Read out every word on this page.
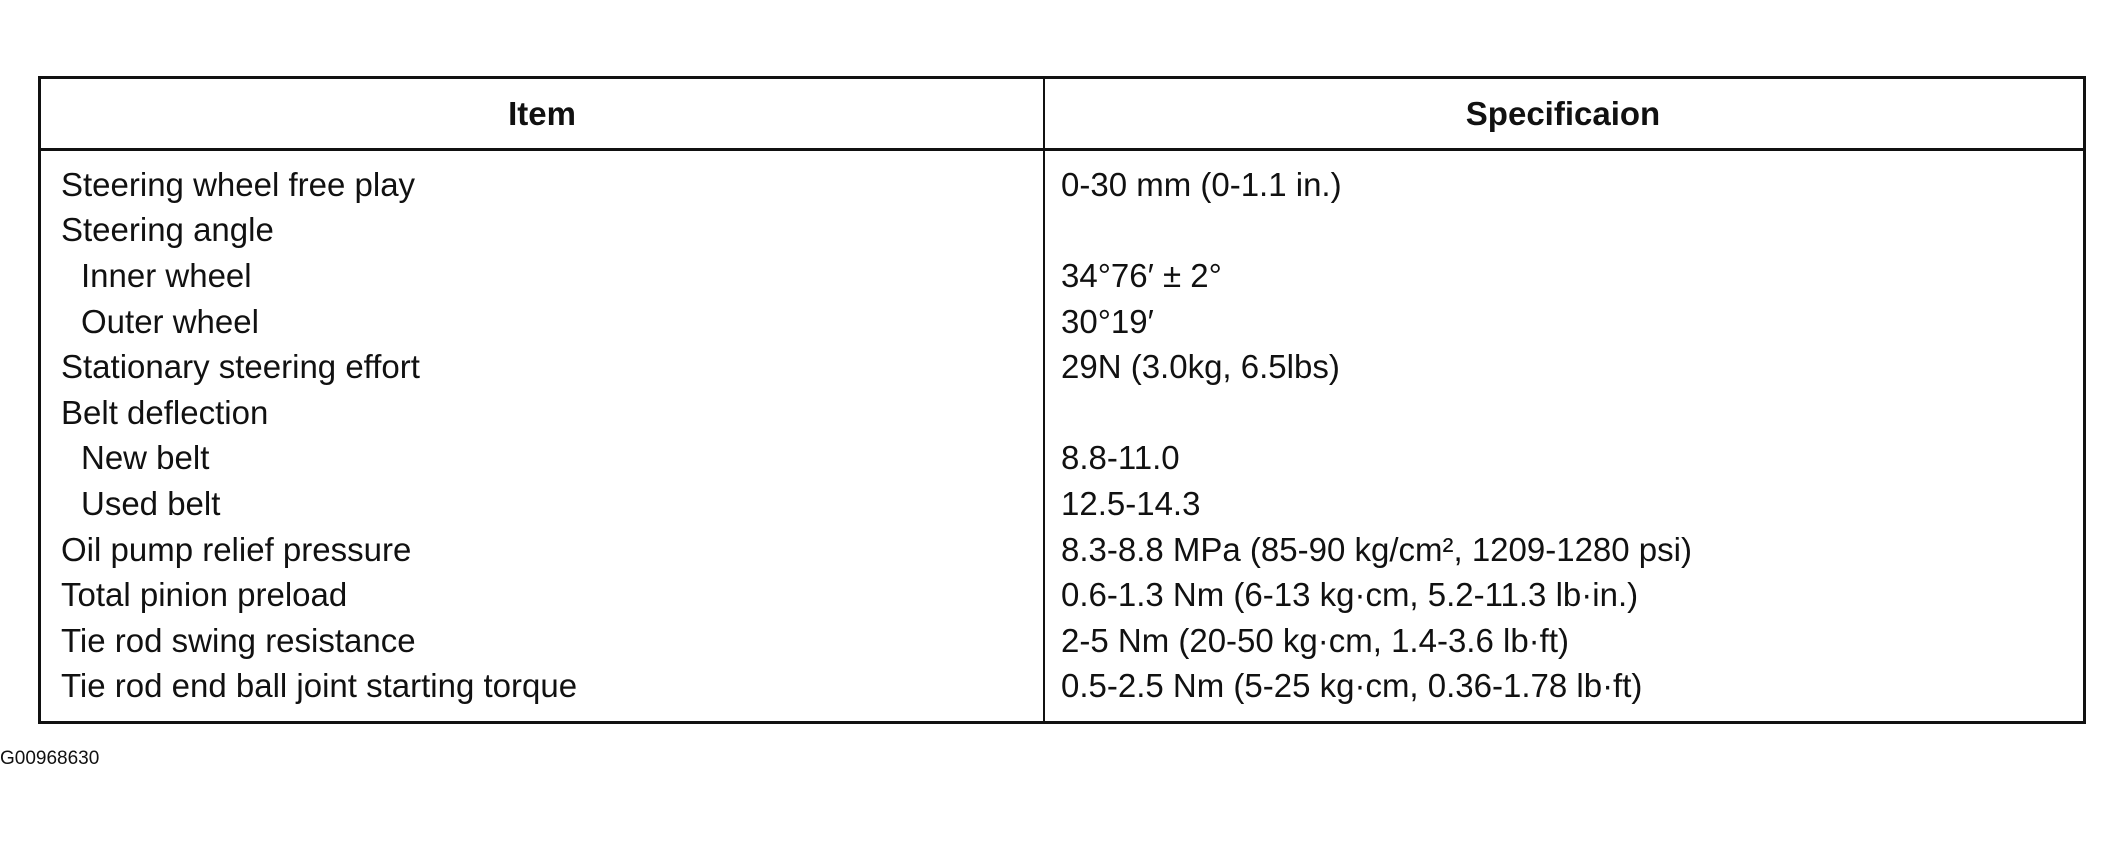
Item	Specificaion
Steering wheel free play	0-30 mm (0-1.1 in.)
Steering angle
Inner wheel	34°76′ ± 2°
Outer wheel	30°19′
Stationary steering effort	29N (3.0kg, 6.5lbs)
Belt deflection
New belt	8.8-11.0
Used belt	12.5-14.3
Oil pump relief pressure	8.3-8.8 MPa (85-90 kg/cm², 1209-1280 psi)
Total pinion preload	0.6-1.3 Nm (6-13 kg·cm, 5.2-11.3 lb·in.)
Tie rod swing resistance	2-5 Nm (20-50 kg·cm, 1.4-3.6 lb·ft)
Tie rod end ball joint starting torque	0.5-2.5 Nm (5-25 kg·cm, 0.36-1.78 lb·ft)
G00968630
